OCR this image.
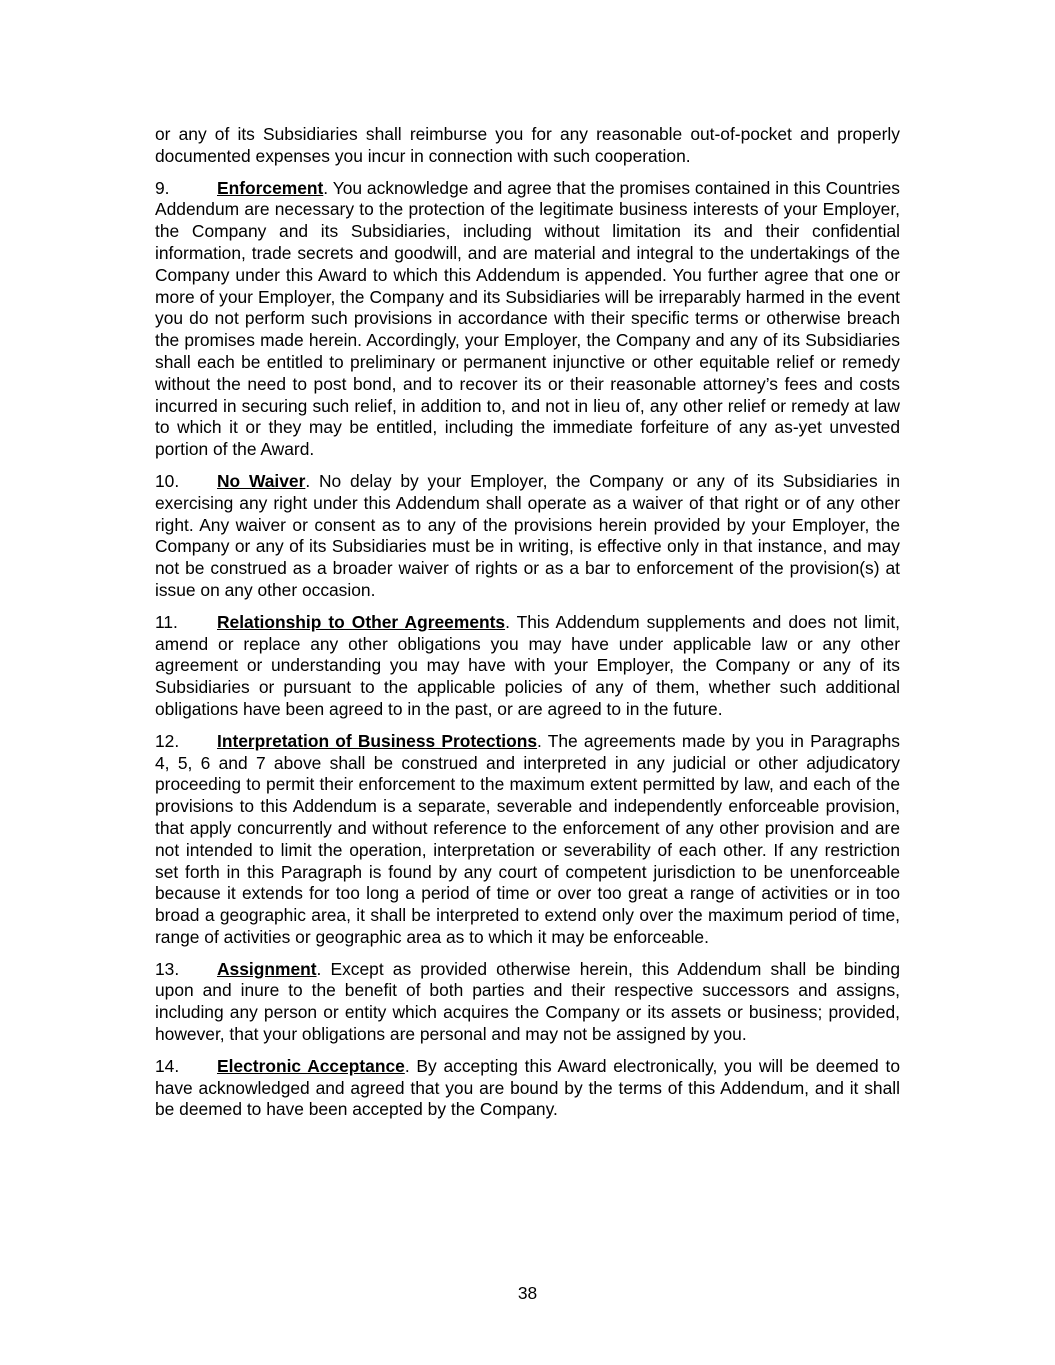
or any of its Subsidiaries shall reimburse you for any reasonable out-of-pocket and properly documented expenses you incur in connection with such cooperation.

9.	Enforcement. You acknowledge and agree that the promises contained in this Countries Addendum are necessary to the protection of the legitimate business interests of your Employer, the Company and its Subsidiaries, including without limitation its and their confidential information, trade secrets and goodwill, and are material and integral to the undertakings of the Company under this Award to which this Addendum is appended. You further agree that one or more of your Employer, the Company and its Subsidiaries will be irreparably harmed in the event you do not perform such provisions in accordance with their specific terms or otherwise breach the promises made herein. Accordingly, your Employer, the Company and any of its Subsidiaries shall each be entitled to preliminary or permanent injunctive or other equitable relief or remedy without the need to post bond, and to recover its or their reasonable attorney’s fees and costs incurred in securing such relief, in addition to, and not in lieu of, any other relief or remedy at law to which it or they may be entitled, including the immediate forfeiture of any as-yet unvested portion of the Award.

10. No Waiver. No delay by your Employer, the Company or any of its Subsidiaries in exercising any right under this Addendum shall operate as a waiver of that right or of any other right. Any waiver or consent as to any of the provisions herein provided by your Employer, the Company or any of its Subsidiaries must be in writing, is effective only in that instance, and may not be construed as a broader waiver of rights or as a bar to enforcement of the provision(s) at issue on any other occasion.

11. Relationship to Other Agreements. This Addendum supplements and does not limit, amend or replace any other obligations you may have under applicable law or any other agreement or understanding you may have with your Employer, the Company or any of its Subsidiaries or pursuant to the applicable policies of any of them, whether such additional obligations have been agreed to in the past, or are agreed to in the future.

12. Interpretation of Business Protections. The agreements made by you in Paragraphs 4, 5, 6 and 7 above shall be construed and interpreted in any judicial or other adjudicatory proceeding to permit their enforcement to the maximum extent permitted by law, and each of the provisions to this Addendum is a separate, severable and independently enforceable provision, that apply concurrently and without reference to the enforcement of any other provision and are not intended to limit the operation, interpretation or severability of each other. If any restriction set forth in this Paragraph is found by any court of competent jurisdiction to be unenforceable because it extends for too long a period of time or over too great a range of activities or in too broad a geographic area, it shall be interpreted to extend only over the maximum period of time, range of activities or geographic area as to which it may be enforceable.

13. Assignment. Except as provided otherwise herein, this Addendum shall be binding upon and inure to the benefit of both parties and their respective successors and assigns, including any person or entity which acquires the Company or its assets or business; provided, however, that your obligations are personal and may not be assigned by you.

14. Electronic Acceptance. By accepting this Award electronically, you will be deemed to have acknowledged and agreed that you are bound by the terms of this Addendum, and it shall be deemed to have been accepted by the Company.

38
